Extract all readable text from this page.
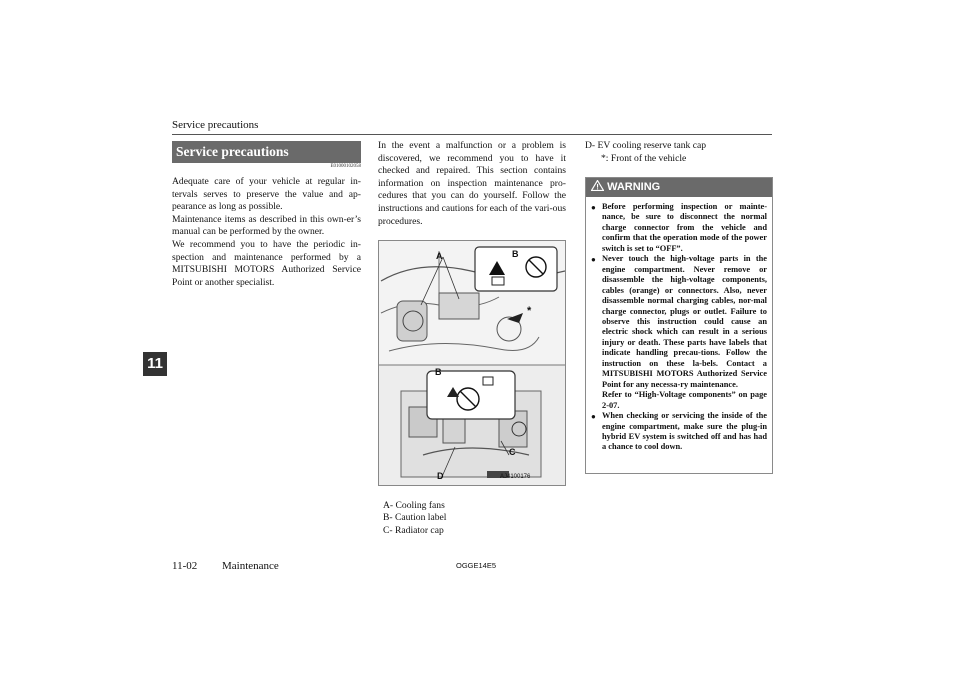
Service precautions
Service precautions
E01000102058
11

Adequate care of your vehicle at regular in-tervals serves to preserve the value and ap-pearance as long as possible.

Maintenance items as described in this own-er’s manual can be performed by the owner.

We recommend you to have the periodic in-spection and maintenance performed by a MITSUBISHI MOTORS Authorized Service Point or another specialist.

In the event a malfunction or a problem is discovered, we recommend you to have it checked and repaired. This section contains information on inspection maintenance pro-cedures that you can do yourself. Follow the instructions and cautions for each of the vari-ous procedures.
A	B
*
B
C
D	AJ4100176
A- Cooling fans
B- Caution label
C- Radiator cap
D- EV cooling reserve tank cap
*: Front of the vehicle
WARNING
● Before performing inspection or mainte-nance, be sure to disconnect the normal charge connector from the vehicle and confirm that the operation mode of the power switch is set to “OFF”.
● Never touch the high-voltage parts in the engine compartment. Never remove or disassemble the high-voltage components, cables (orange) or connectors. Also, never disassemble normal charging cables, nor-mal charge connector, plugs or outlet. Failure to observe this instruction could cause an electric shock which can result in a serious injury or death. These parts have labels that indicate handling precau-tions. Follow the instruction on these la-bels. Contact a MITSUBISHI MOTORS Authorized Service Point for any necessa-ry maintenance.
Refer to “High-Voltage components” on page 2-07.
● When checking or servicing the inside of the engine compartment, make sure the plug-in hybrid EV system is switched off and has had a chance to cool down.
11-02 Maintenance	OGGE14E5
